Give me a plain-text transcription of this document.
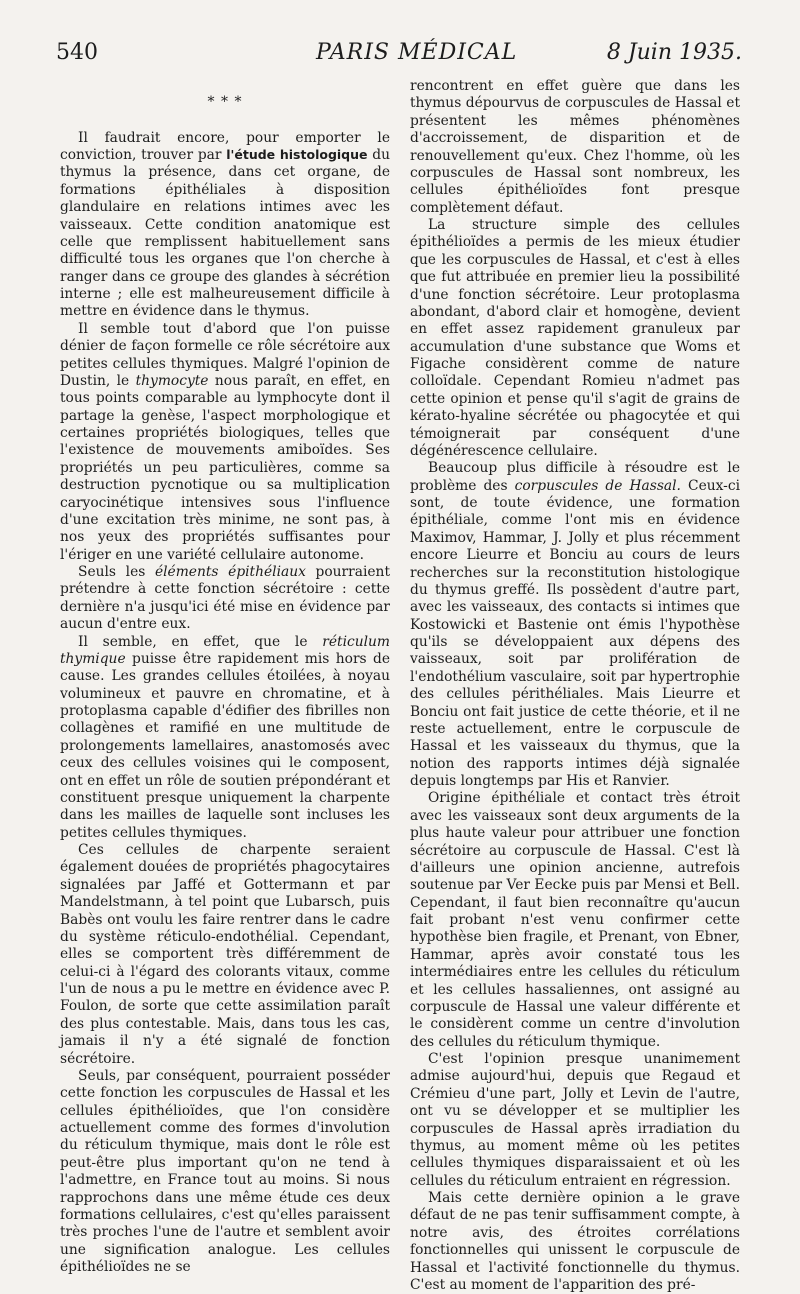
540	PARIS MÉDICAL	8 Juin 1935.
* * *

Il faudrait encore, pour emporter le conviction, trouver par l'étude histologique du thymus la présence, dans cet organe, de formations épithéliales à disposition glandulaire en relations intimes avec les vaisseaux. Cette condition anatomique est celle que remplissent habituellement sans difficulté tous les organes que l'on cherche à ranger dans ce groupe des glandes à sécrétion interne ; elle est malheureusement difficile à mettre en évidence dans le thymus.

Il semble tout d'abord que l'on puisse dénier de façon formelle ce rôle sécrétoire aux petites cellules thymiques. Malgré l'opinion de Dustin, le thymocyte nous paraît, en effet, en tous points comparable au lymphocyte dont il partage la genèse, l'aspect morphologique et certaines propriétés biologiques, telles que l'existence de mouvements amiboïdes. Ses propriétés un peu particulières, comme sa destruction pycnotique ou sa multiplication caryocinétique intensives sous l'influence d'une excitation très minime, ne sont pas, à nos yeux des propriétés suffisantes pour l'ériger en une variété cellulaire autonome.

Seuls les éléments épithéliaux pourraient prétendre à cette fonction sécrétoire : cette dernière n'a jusqu'ici été mise en évidence par aucun d'entre eux.

Il semble, en effet, que le réticulum thymique puisse être rapidement mis hors de cause. Les grandes cellules étoilées, à noyau volumineux et pauvre en chromatine, et à protoplasma capable d'édifier des fibrilles non collagènes et ramifié en une multitude de prolongements lamellaires, anastomosés avec ceux des cellules voisines qui le composent, ont en effet un rôle de soutien prépondérant et constituent presque uniquement la charpente dans les mailles de laquelle sont incluses les petites cellules thymiques.

Ces cellules de charpente seraient également douées de propriétés phagocytaires signalées par Jaffé et Gottermann et par Mandelstmann, à tel point que Lubarsch, puis Babès ont voulu les faire rentrer dans le cadre du système réticulo-endothélial. Cependant, elles se comportent très différemment de celui-ci à l'égard des colorants vitaux, comme l'un de nous a pu le mettre en évidence avec P. Foulon, de sorte que cette assimilation paraît des plus contestable. Mais, dans tous les cas, jamais il n'y a été signalé de fonction sécrétoire.

Seuls, par conséquent, pourraient posséder cette fonction les corpuscules de Hassal et les cellules épithélioïdes, que l'on considère actuellement comme des formes d'involution du réticulum thymique, mais dont le rôle est peut-être plus important qu'on ne tend à l'admettre, en France tout au moins. Si nous rapprochons dans une même étude ces deux formations cellulaires, c'est qu'elles paraissent très proches l'une de l'autre et semblent avoir une signification analogue. Les cellules épithélioïdes ne se

rencontrent en effet guère que dans les thymus dépourvus de corpuscules de Hassal et présentent les mêmes phénomènes d'accroissement, de disparition et de renouvellement qu'eux. Chez l'homme, où les corpuscules de Hassal sont nombreux, les cellules épithélioïdes font presque complètement défaut.

La structure simple des cellules épithélioïdes a permis de les mieux étudier que les corpuscules de Hassal, et c'est à elles que fut attribuée en premier lieu la possibilité d'une fonction sécrétoire. Leur protoplasma abondant, d'abord clair et homogène, devient en effet assez rapidement granuleux par accumulation d'une substance que Woms et Figache considèrent comme de nature colloïdale. Cependant Romieu n'admet pas cette opinion et pense qu'il s'agit de grains de kérato-hyaline sécrétée ou phagocytée et qui témoignerait par conséquent d'une dégénérescence cellulaire.

Beaucoup plus difficile à résoudre est le problème des corpuscules de Hassal. Ceux-ci sont, de toute évidence, une formation épithéliale, comme l'ont mis en évidence Maximov, Hammar, J. Jolly et plus récemment encore Lieurre et Bonciu au cours de leurs recherches sur la reconstitution histologique du thymus greffé. Ils possèdent d'autre part, avec les vaisseaux, des contacts si intimes que Kostowicki et Bastenie ont émis l'hypothèse qu'ils se développaient aux dépens des vaisseaux, soit par prolifération de l'endothélium vasculaire, soit par hypertrophie des cellules périthéliales. Mais Lieurre et Bonciu ont fait justice de cette théorie, et il ne reste actuellement, entre le corpuscule de Hassal et les vaisseaux du thymus, que la notion des rapports intimes déjà signalée depuis longtemps par His et Ranvier.

Origine épithéliale et contact très étroit avec les vaisseaux sont deux arguments de la plus haute valeur pour attribuer une fonction sécrétoire au corpuscule de Hassal. C'est là d'ailleurs une opinion ancienne, autrefois soutenue par Ver Eecke puis par Mensi et Bell. Cependant, il faut bien reconnaître qu'aucun fait probant n'est venu confirmer cette hypothèse bien fragile, et Prenant, von Ebner, Hammar, après avoir constaté tous les intermédiaires entre les cellules du réticulum et les cellules hassaliennes, ont assigné au corpuscule de Hassal une valeur différente et le considèrent comme un centre d'involution des cellules du réticulum thymique.

C'est l'opinion presque unanimement admise aujourd'hui, depuis que Regaud et Crémieu d'une part, Jolly et Levin de l'autre, ont vu se développer et se multiplier les corpuscules de Hassal après irradiation du thymus, au moment même où les petites cellules thymiques disparaissaient et où les cellules du réticulum entraient en régression.

Mais cette dernière opinion a le grave défaut de ne pas tenir suffisamment compte, à notre avis, des étroites corrélations fonctionnelles qui unissent le corpuscule de Hassal et l'activité fonctionnelle du thymus. C'est au moment de l'apparition des pré-
